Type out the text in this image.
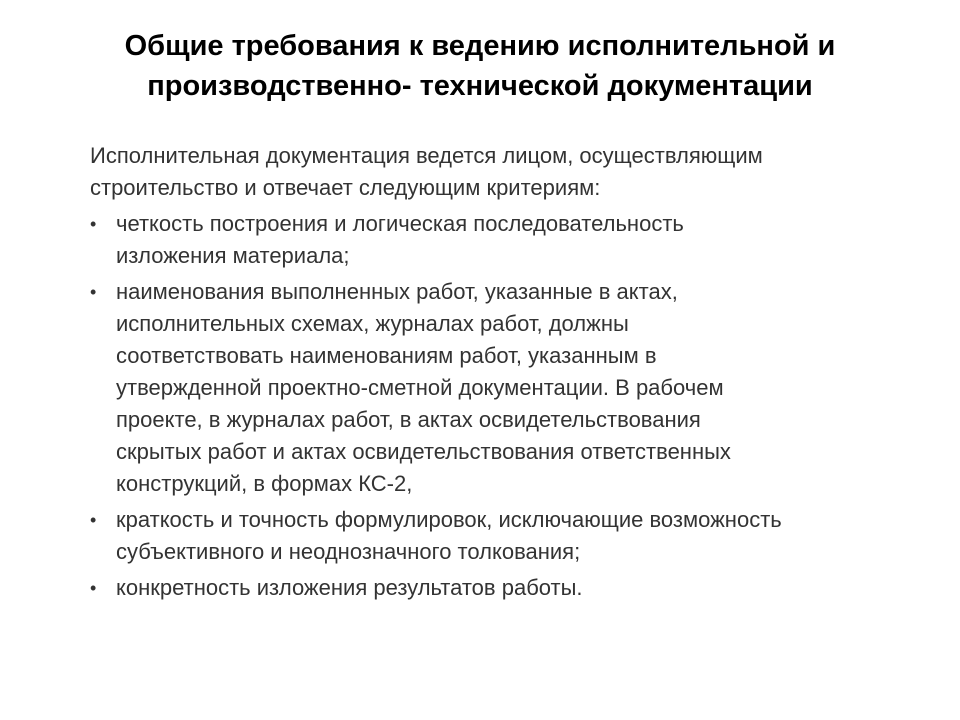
Общие требования к ведению исполнительной и
производственно- технической документации
Исполнительная документация ведется лицом, осуществляющим
строительство и отвечает следующим критериям:
• четкость построения и логическая последовательность
изложения материала;
• наименования выполненных работ, указанные в актах,
исполнительных схемах, журналах работ, должны
соответствовать наименованиям работ, указанным в
утвержденной проектно-сметной документации. В рабочем
проекте, в журналах работ, в актах освидетельствования
скрытых работ и актах освидетельствования ответственных
конструкций, в формах КС-2,
• краткость и точность формулировок, исключающие возможность
субъективного и неоднозначного толкования;
• конкретность изложения результатов работы.
